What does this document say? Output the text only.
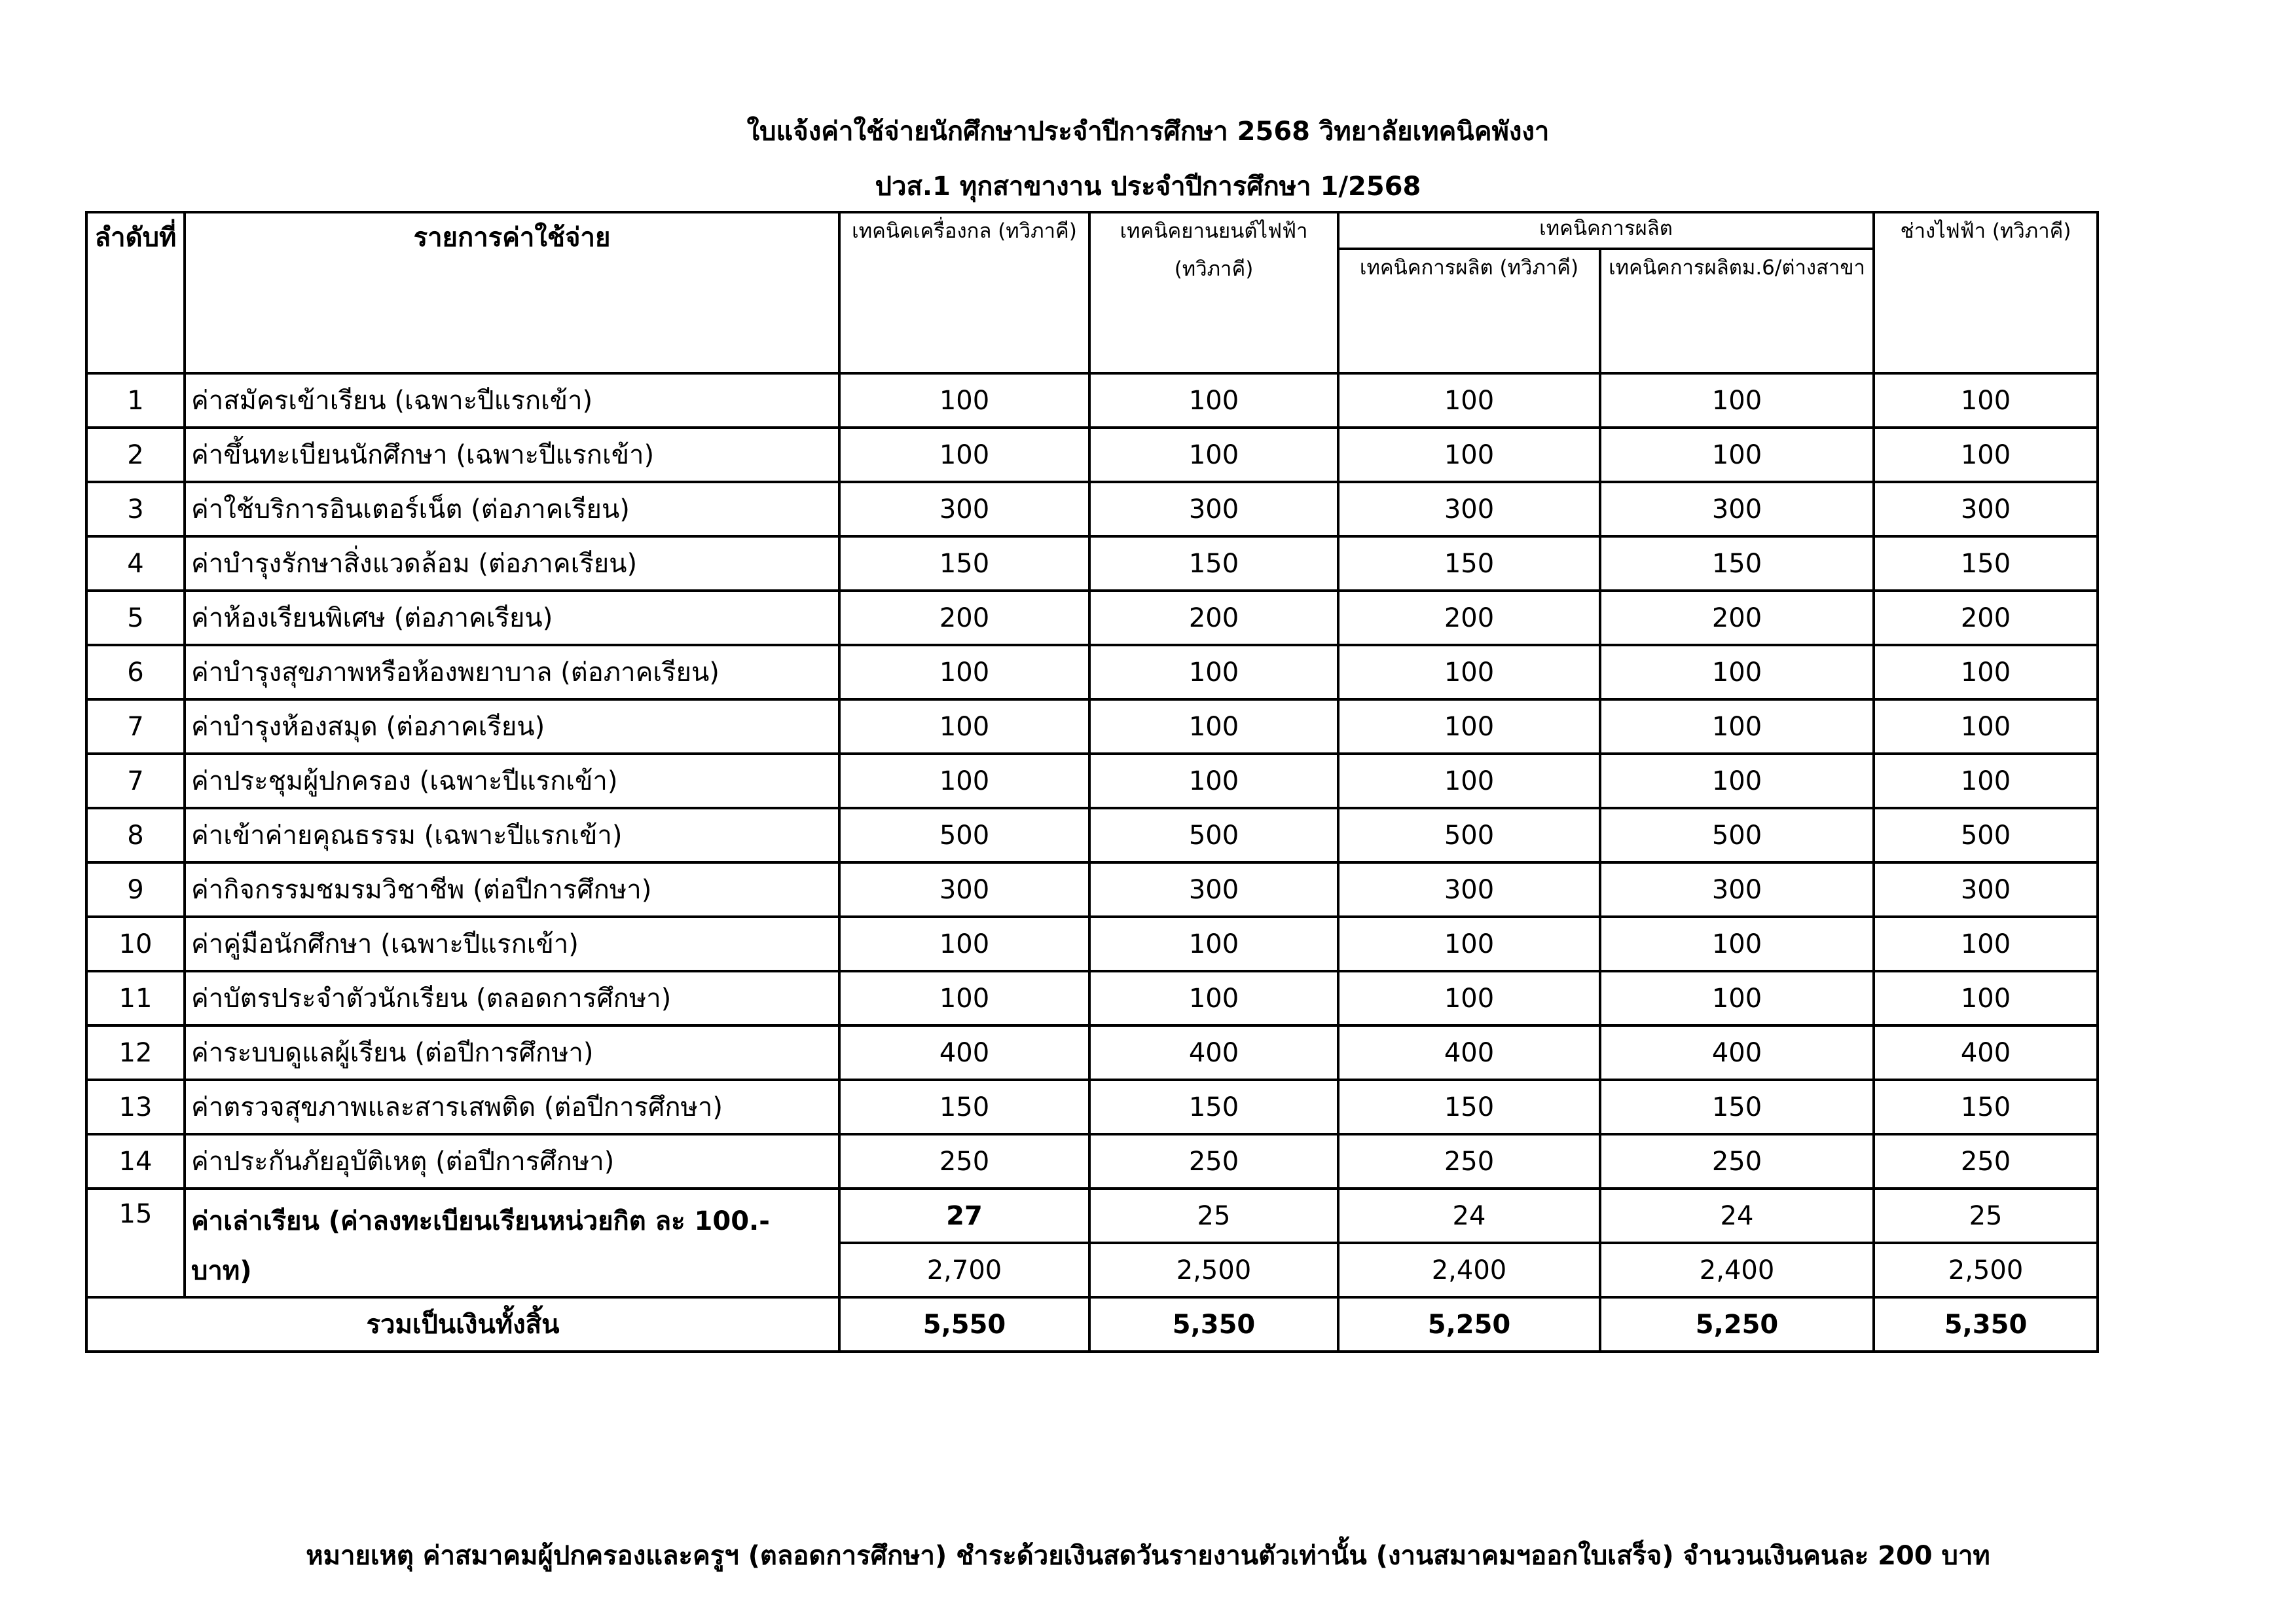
ใบแจ้งค่าใช้จ่ายนักศึกษาประจำปีการศึกษา 2568 วิทยาลัยเทคนิคพังงา
ปวส.1 ทุกสาขางาน ประจำปีการศึกษา 1/2568
ลำดับที่	รายการค่าใช้จ่าย	เทคนิคเครื่องกล (ทวิภาคี)	เทคนิคยานยนต์ไฟฟ้า
(ทวิภาคี)	เทคนิคการผลิต		ช่างไฟฟ้า (ทวิภาคี)
				เทคนิคการผลิต (ทวิภาคี)	เทคนิคการผลิตม.6/ต่างสาขา	
1	ค่าสมัครเข้าเรียน (เฉพาะปีแรกเข้า)	100	100	100	100	100
2	ค่าขึ้นทะเบียนนักศึกษา (เฉพาะปีแรกเข้า)	100	100	100	100	100
3	ค่าใช้บริการอินเตอร์เน็ต (ต่อภาคเรียน)	300	300	300	300	300
4	ค่าบำรุงรักษาสิ่งแวดล้อม (ต่อภาคเรียน)	150	150	150	150	150
5	ค่าห้องเรียนพิเศษ (ต่อภาคเรียน)	200	200	200	200	200
6	ค่าบำรุงสุขภาพหรือห้องพยาบาล (ต่อภาคเรียน)	100	100	100	100	100
7	ค่าบำรุงห้องสมุด (ต่อภาคเรียน)	100	100	100	100	100
7	ค่าประชุมผู้ปกครอง (เฉพาะปีแรกเข้า)	100	100	100	100	100
8	ค่าเข้าค่ายคุณธรรม (เฉพาะปีแรกเข้า)	500	500	500	500	500
9	ค่ากิจกรรมชมรมวิชาชีพ (ต่อปีการศึกษา)	300	300	300	300	300
10	ค่าคู่มือนักศึกษา (เฉพาะปีแรกเข้า)	100	100	100	100	100
11	ค่าบัตรประจำตัวนักเรียน (ตลอดการศึกษา)	100	100	100	100	100
12	ค่าระบบดูแลผู้เรียน (ต่อปีการศึกษา)	400	400	400	400	400
13	ค่าตรวจสุขภาพและสารเสพติด (ต่อปีการศึกษา)	150	150	150	150	150
14	ค่าประกันภัยอุบัติเหตุ (ต่อปีการศึกษา)	250	250	250	250	250
15	ค่าเล่าเรียน (ค่าลงทะเบียนเรียนหน่วยกิต ละ 100.- บาท)	27	25	24	24	25
		2,700	2,500	2,400	2,400	2,500
รวมเป็นเงินทั้งสิ้น		5,550	5,350	5,250	5,250	5,350
หมายเหตุ ค่าสมาคมผู้ปกครองและครูฯ (ตลอดการศึกษา) ชำระด้วยเงินสดวันรายงานตัวเท่านั้น (งานสมาคมฯออกใบเสร็จ) จำนวนเงินคนละ 200 บาท
